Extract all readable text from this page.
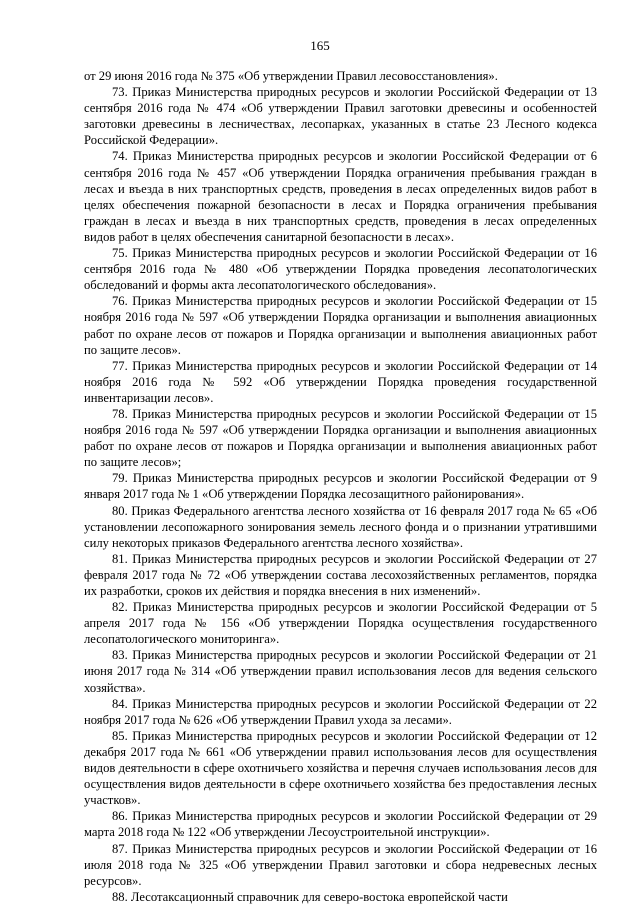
165

от 29 июня 2016 года № 375 «Об утверждении Правил лесовосстановления».

73. Приказ Министерства природных ресурсов и экологии Российской Федерации от 13 сентября 2016 года № 474 «Об утверждении Правил заготовки древесины и особенностей заготовки древесины в лесничествах, лесопарках, указанных в статье 23 Лесного кодекса Российской Федерации».

74. Приказ Министерства природных ресурсов и экологии Российской Федерации от 6 сентября 2016 года № 457 «Об утверждении Порядка ограничения пребывания граждан в лесах и въезда в них транспортных средств, проведения в лесах определенных видов работ в целях обеспечения пожарной безопасности в лесах и Порядка ограничения пребывания граждан в лесах и въезда в них транспортных средств, проведения в лесах определенных видов работ в целях обеспечения санитарной безопасности в лесах».

75. Приказ Министерства природных ресурсов и экологии Российской Федерации от 16 сентября 2016 года № 480 «Об утверждении Порядка проведения лесопатологических обследований и формы акта лесопатологического обследования».

76. Приказ Министерства природных ресурсов и экологии Российской Федерации от 15 ноября 2016 года № 597 «Об утверждении Порядка организации и выполнения авиационных работ по охране лесов от пожаров и Порядка организации и выполнения авиационных работ по защите лесов».

77. Приказ Министерства природных ресурсов и экологии Российской Федерации от 14 ноября 2016 года № 592 «Об утверждении Порядка проведения государственной инвентаризации лесов».

78. Приказ Министерства природных ресурсов и экологии Российской Федерации от 15 ноября 2016 года № 597 «Об утверждении Порядка организации и выполнения авиационных работ по охране лесов от пожаров и Порядка организации и выполнения авиационных работ по защите лесов»;

79. Приказ Министерства природных ресурсов и экологии Российской Федерации от 9 января 2017 года № 1 «Об утверждении Порядка лесозащитного районирования».

80. Приказ Федерального агентства лесного хозяйства от 16 февраля 2017 года № 65 «Об установлении лесопожарного зонирования земель лесного фонда и о признании утратившими силу некоторых приказов Федерального агентства лесного хозяйства».

81. Приказ Министерства природных ресурсов и экологии Российской Федерации от 27 февраля 2017 года № 72 «Об утверждении состава лесохозяйственных регламентов, порядка их разработки, сроков их действия и порядка внесения в них изменений».

82. Приказ Министерства природных ресурсов и экологии Российской Федерации от 5 апреля 2017 года № 156 «Об утверждении Порядка осуществления государственного лесопатологического мониторинга».

83. Приказ Министерства природных ресурсов и экологии Российской Федерации от 21 июня 2017 года № 314 «Об утверждении правил использования лесов для ведения сельского хозяйства».

84. Приказ Министерства природных ресурсов и экологии Российской Федерации от 22 ноября 2017 года № 626 «Об утверждении Правил ухода за лесами».

85. Приказ Министерства природных ресурсов и экологии Российской Федерации от 12 декабря 2017 года № 661 «Об утверждении правил использования лесов для осуществления видов деятельности в сфере охотничьего хозяйства и перечня случаев использования лесов для осуществления видов деятельности в сфере охотничьего хозяйства без предоставления лесных участков».

86. Приказ Министерства природных ресурсов и экологии Российской Федерации от 29 марта 2018 года № 122 «Об утверждении Лесоустроительной инструкции».

87. Приказ Министерства природных ресурсов и экологии Российской Федерации от 16 июля 2018 года № 325 «Об утверждении Правил заготовки и сбора недревесных лесных ресурсов».

88. Лесотаксационный справочник для северо-востока европейской части
